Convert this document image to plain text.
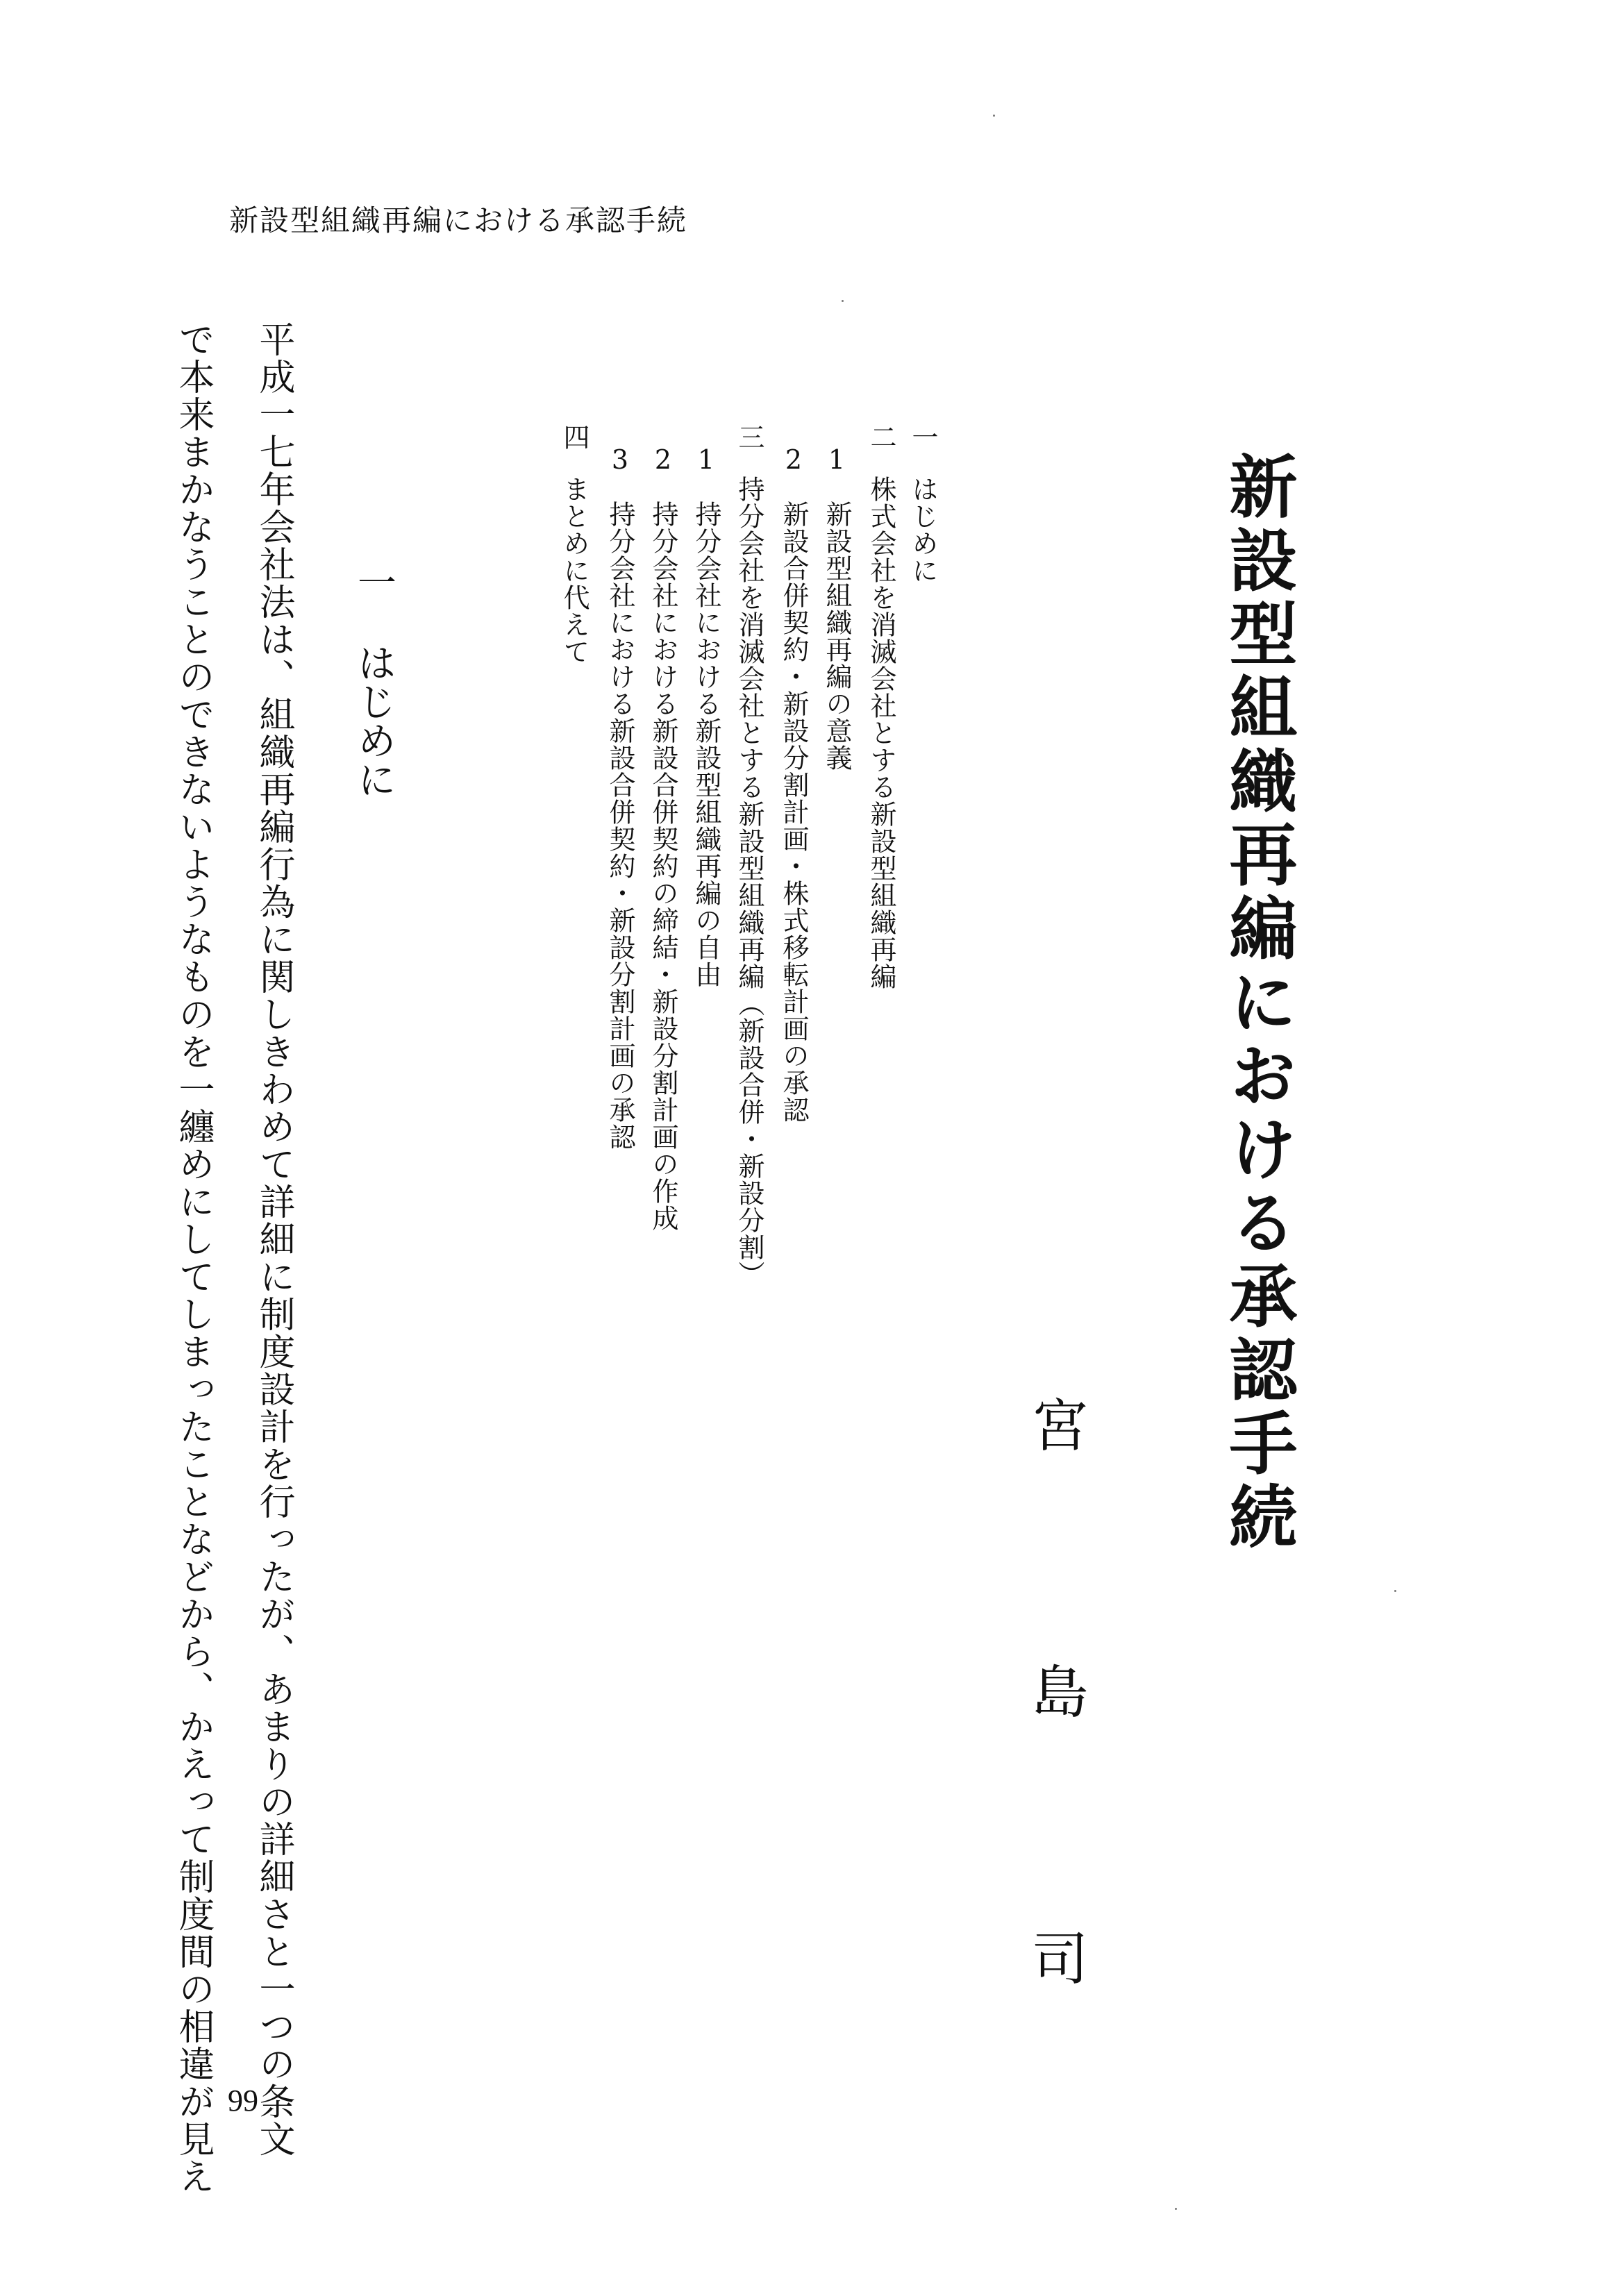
新設型組織再編における承認手続
新設型組織再編における承認手続
宮
島
司
一
はじめに
二
株式会社を消滅会社とする新設型組織再編
1
新設型組織再編の意義
2
新設合併契約・新設分割計画・株式移転計画の承認
三
持分会社を消滅会社とする新設型組織再編（新設合併・新設分割）
1
持分会社における新設型組織再編の自由
2
持分会社における新設合併契約の締結・新設分割計画の作成
3
持分会社における新設合併契約・新設分割計画の承認
四
まとめに代えて
一
はじめに
平成一七年会社法は、組織再編行為に関しきわめて詳細に制度設計を行ったが、あまりの詳細さと一つの条文
で本来まかなうことのできないようなものを一纏めにしてしまったことなどから、かえって制度間の相違が見え 99
